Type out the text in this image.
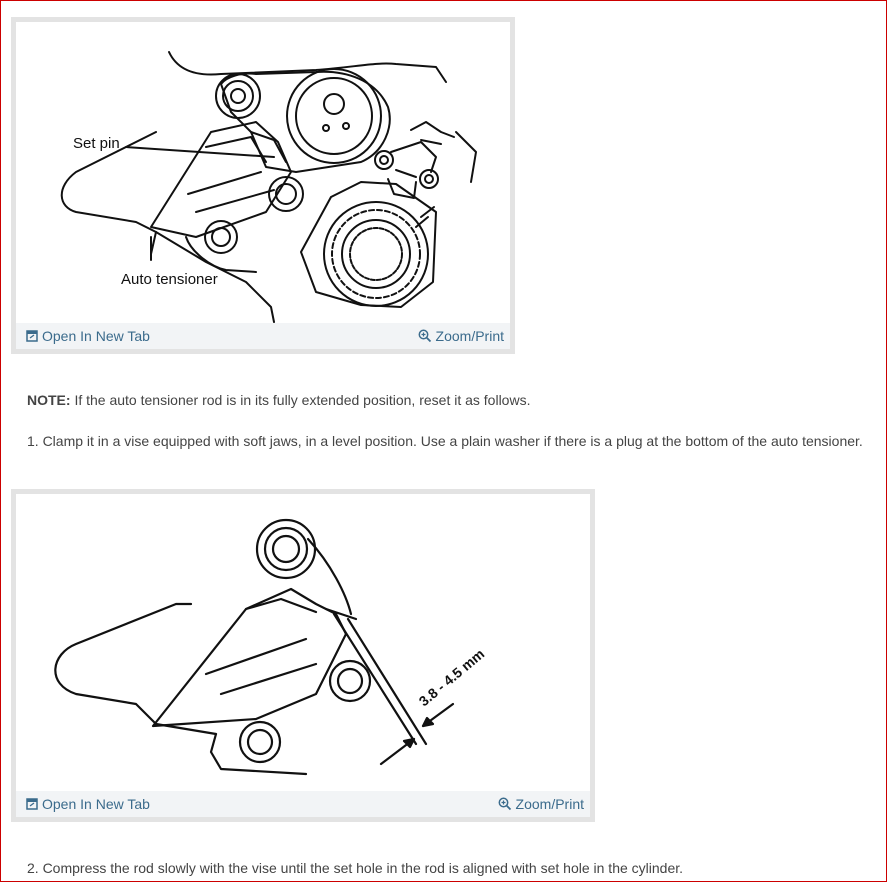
Set pin
Auto tensioner
Open In New Tab	Zoom/Print

NOTE: If the auto tensioner rod is in its fully extended position, reset it as follows.

1. Clamp it in a vise equipped with soft jaws, in a level position. Use a plain washer if there is a plug at the bottom of the auto tensioner.

3.8 - 4.5 mm
Open In New Tab	Zoom/Print

2. Compress the rod slowly with the vise until the set hole in the rod is aligned with set hole in the cylinder.
